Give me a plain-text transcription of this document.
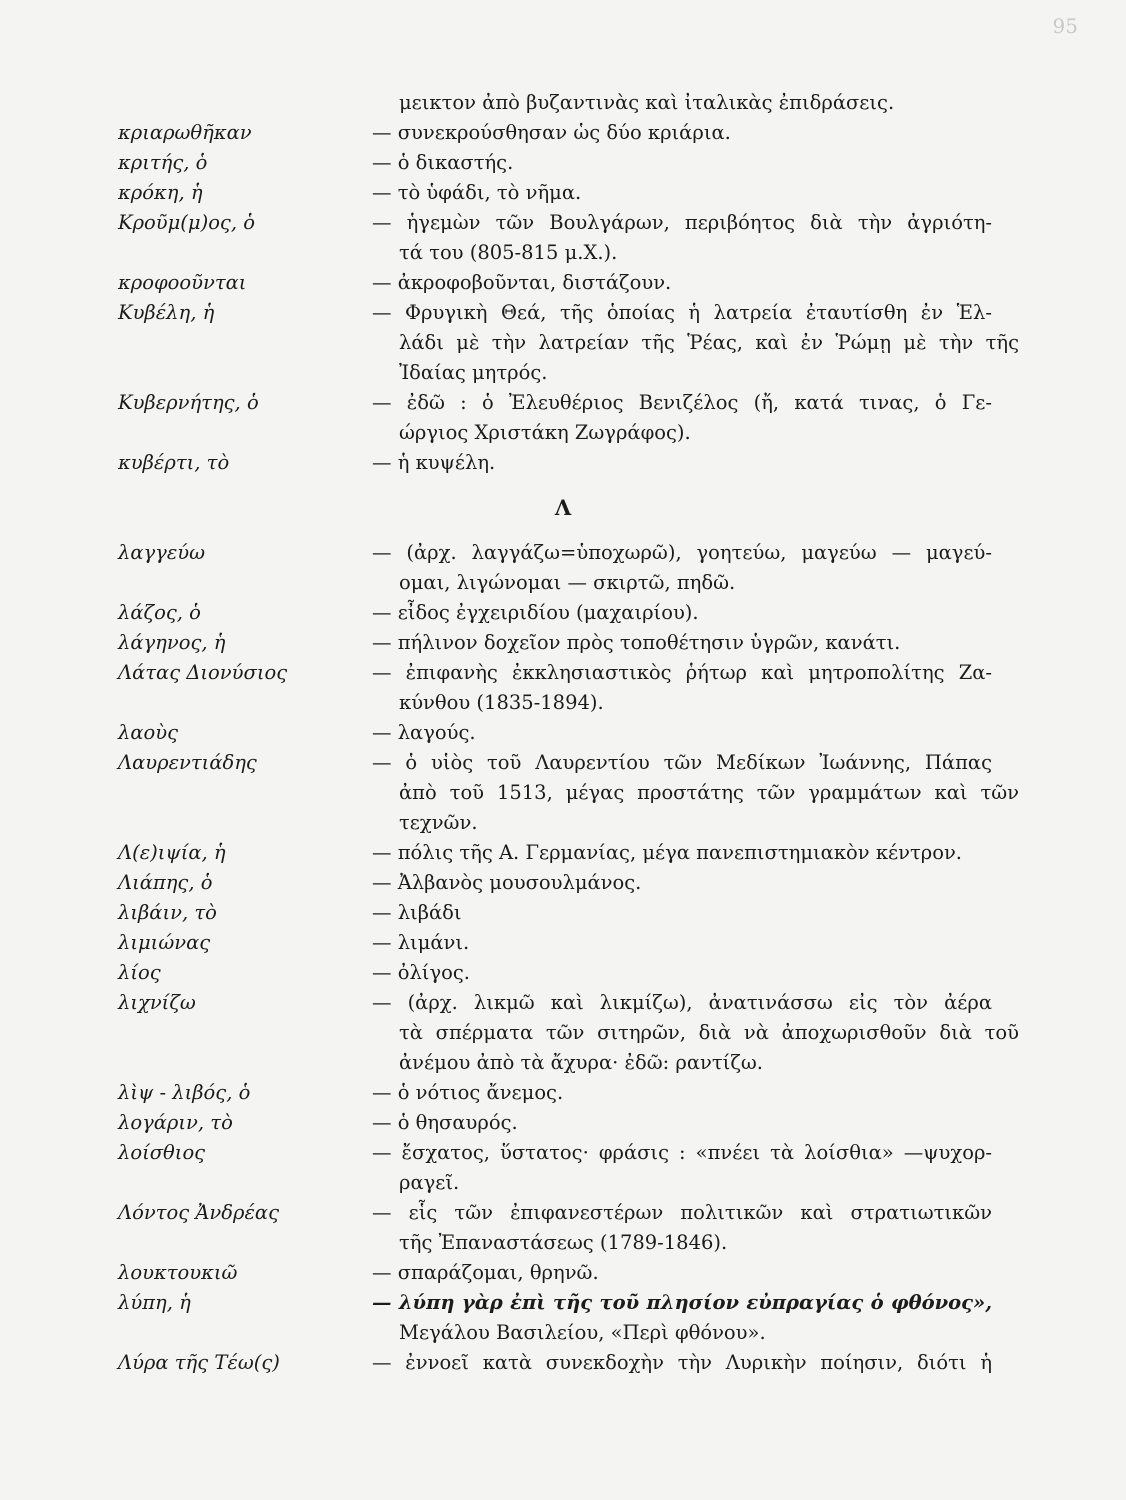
95
μεικτον ἀπὸ βυζαντινὰς καὶ ἰταλικὰς ἐπιδράσεις.
κριαρωθῆκαν	— συνεκρούσθησαν ὡς δύο κριάρια.
κριτής, ὁ	— ὁ δικαστής.
κρόκη, ἡ	— τὸ ὑφάδι, τὸ νῆμα.
Κροῦμ(μ)ος, ὁ	— ἡγεμὼν τῶν Βουλγάρων, περιβόητος διὰ τὴν ἀγριότη-
τά του (805-815 μ.Χ.).
κροφοοῦνται	— ἀκροφοβοῦνται, διστάζουν.
Κυβέλη, ἡ	— Φρυγικὴ Θεά, τῆς ὁποίας ἡ λατρεία ἐταυτίσθη ἐν Ἑλ-
λάδι μὲ τὴν λατρείαν τῆς Ῥέας, καὶ ἐν Ῥώμῃ μὲ τὴν τῆς
Ἰδαίας μητρός.
Κυβερνήτης, ὁ	— ἐδῶ : ὁ Ἐλευθέριος Βενιζέλος (ἤ, κατά τινας, ὁ Γε-
ώργιος Χριστάκη Ζωγράφος).
κυβέρτι, τὸ	— ἡ κυψέλη.
λαγγεύω	— (ἀρχ. λαγγάζω=ὑποχωρῶ), γοητεύω, μαγεύω — μαγεύ-
ομαι, λιγώνομαι — σκιρτῶ, πηδῶ.
λάζος, ὁ	— εἶδος ἐγχειριδίου (μαχαιρίου).
λάγηνος, ἡ	— πήλινον δοχεῖον πρὸς τοποθέτησιν ὑγρῶν, κανάτι.
Λάτας Διονύσιος	— ἐπιφανὴς ἐκκλησιαστικὸς ῥήτωρ καὶ μητροπολίτης Ζα-
κύνθου (1835-1894).
λαοὺς	— λαγούς.
Λαυρεντιάδης	— ὁ υἱὸς τοῦ Λαυρεντίου τῶν Μεδίκων Ἰωάννης, Πάπας
ἀπὸ τοῦ 1513, μέγας προστάτης τῶν γραμμάτων καὶ τῶν
τεχνῶν.
Λ(ε)ιψία, ἡ	— πόλις τῆς Α. Γερμανίας, μέγα πανεπιστημιακὸν κέντρον.
Λιάπης, ὁ	— Ἀλβανὸς μουσουλμάνος.
λιβάιν, τὸ	— λιβάδι
λιμιώνας	— λιμάνι.
λίος	— ὀλίγος.
λιχνίζω	— (ἀρχ. λικμῶ καὶ λικμίζω), ἀνατινάσσω εἰς τὸν ἀέρα
τὰ σπέρματα τῶν σιτηρῶν, διὰ νὰ ἀποχωρισθοῦν διὰ τοῦ
ἀνέμου ἀπὸ τὰ ἄχυρα· ἐδῶ: ραντίζω.
λὶψ - λιβός, ὁ	— ὁ νότιος ἄνεμος.
λογάριν, τὸ	— ὁ θησαυρός.
λοίσθιος	— ἔσχατος, ὕστατος· φράσις : «πνέει τὰ λοίσθια» —ψυχορ-
ραγεῖ.
Λόντος Ἀνδρέας	— εἷς τῶν ἐπιφανεστέρων πολιτικῶν καὶ στρατιωτικῶν
τῆς Ἐπαναστάσεως (1789-1846).
λουκτουκιῶ	— σπαράζομαι, θρηνῶ.
λύπη, ἡ	— λύπη γὰρ ἐπὶ τῆς τοῦ πλησίον εὐπραγίας ὁ φθόνος»,
Μεγάλου Βασιλείου, «Περὶ φθόνου».
Λύρα τῆς Τέω(ς)	— ἐννοεῖ κατὰ συνεκδοχὴν τὴν Λυρικὴν ποίησιν, διότι ἡ
Λ
